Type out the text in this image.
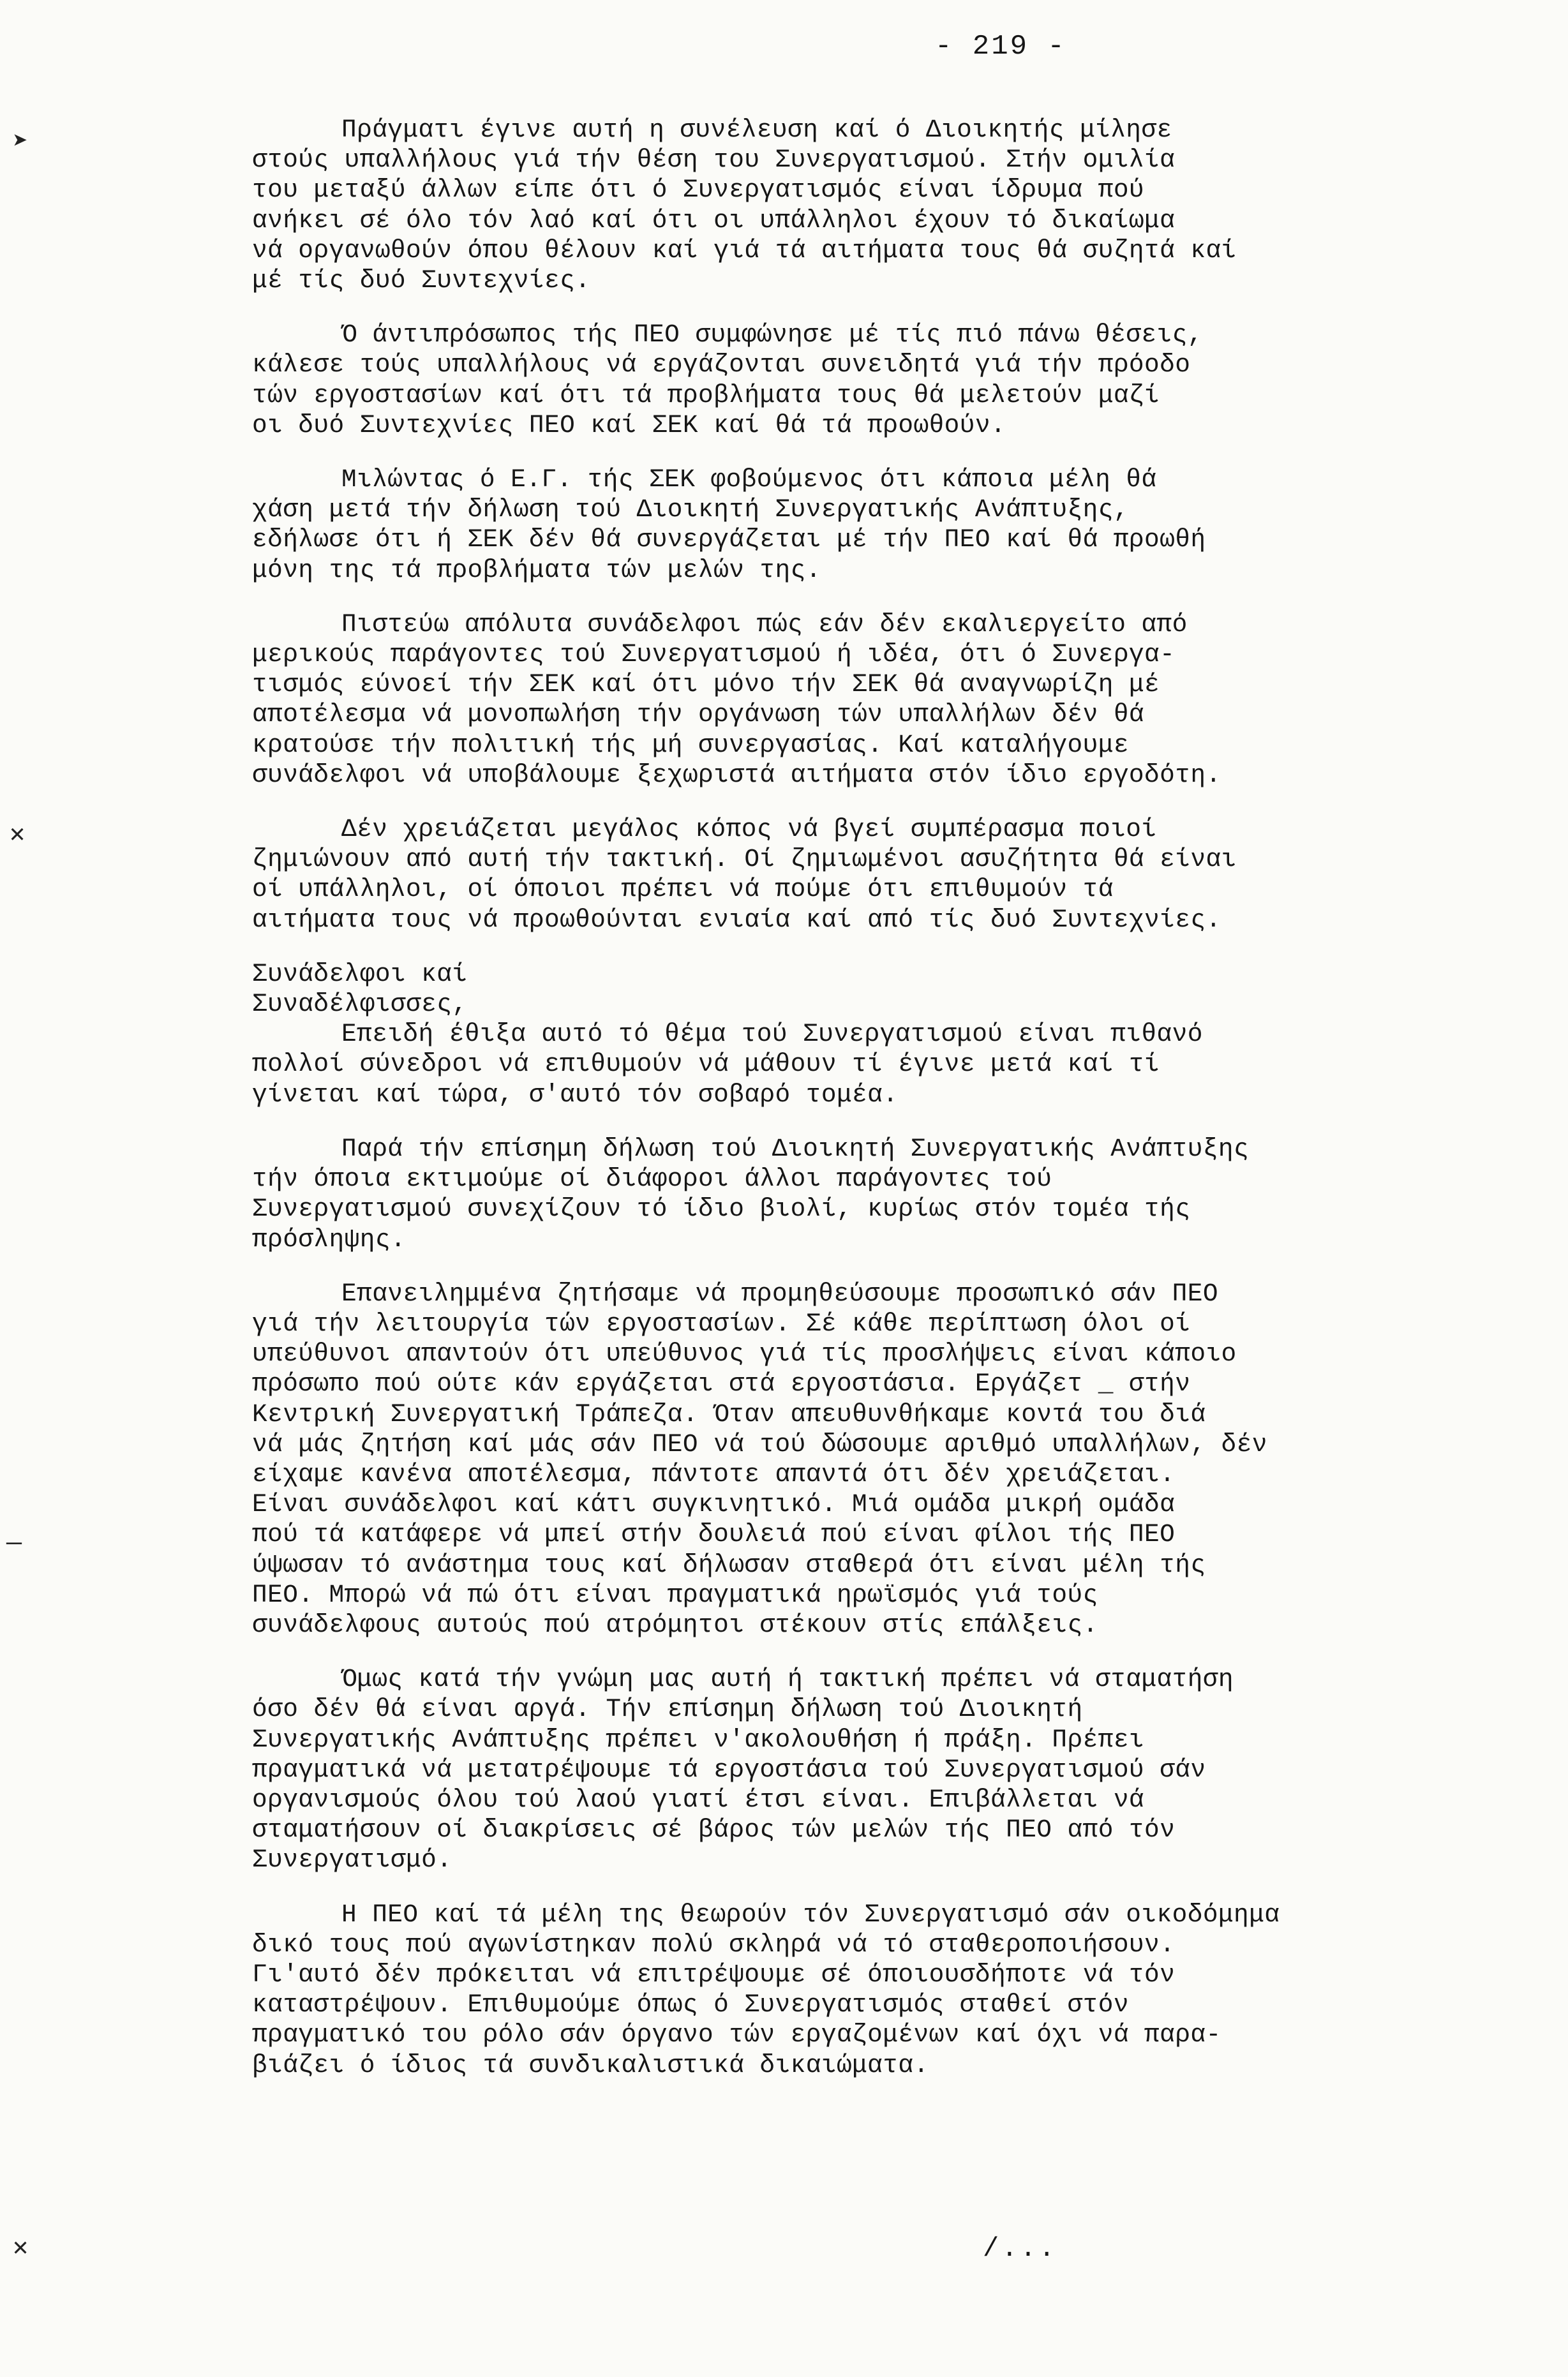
- 219 -

Πράγματι έγινε αυτή η συνέλευση καί ό Διοικητής μίλησε
στούς υπαλλήλους γιά τήν θέση του Συνεργατισμού. Στήν ομιλία
του μεταξύ άλλων είπε ότι ό Συνεργατισμός είναι ίδρυμα πού
ανήκει σέ όλο τόν λαό καί ότι οι υπάλληλοι έχουν τό δικαίωμα
νά οργανωθούν όπου θέλουν καί γιά τά αιτήματα τους θά συζητά καί
μέ τίς δυό Συντεχνίες.

Ό άντιπρόσωπος τής ΠΕΟ συμφώνησε μέ τίς πιό πάνω θέσεις,
κάλεσε τούς υπαλλήλους νά εργάζονται συνειδητά γιά τήν πρόοδο
τών εργοστασίων καί ότι τά προβλήματα τους θά μελετούν μαζί
οι δυό Συντεχνίες ΠΕΟ καί ΣΕΚ καί θά τά προωθούν.

Μιλώντας ό Ε.Γ. τής ΣΕΚ φοβούμενος ότι κάποια μέλη θά
χάση μετά τήν δήλωση τού Διοικητή Συνεργατικής Ανάπτυξης,
εδήλωσε ότι ή ΣΕΚ δέν θά συνεργάζεται μέ τήν ΠΕΟ καί θά προωθή
μόνη της τά προβλήματα τών μελών της.

Πιστεύω απόλυτα συνάδελφοι πώς εάν δέν εκαλιεργείτο από
μερικούς παράγοντες τού Συνεργατισμού ή ιδέα, ότι ό Συνεργα-
τισμός εύνοεί τήν ΣΕΚ καί ότι μόνο τήν ΣΕΚ θά αναγνωρίζη μέ
αποτέλεσμα νά μονοπωλήση τήν οργάνωση τών υπαλλήλων δέν θά
κρατούσε τήν πολιτική τής μή συνεργασίας. Καί καταλήγουμε
συνάδελφοι νά υποβάλουμε ξεχωριστά αιτήματα στόν ίδιο εργοδότη.

Δέν χρειάζεται μεγάλος κόπος νά βγεί συμπέρασμα ποιοί
ζημιώνουν από αυτή τήν τακτική. Οί ζημιωμένοι ασυζήτητα θά είναι
οί υπάλληλοι, οί όποιοι πρέπει νά πούμε ότι επιθυμούν τά
αιτήματα τους νά προωθούνται ενιαία καί από τίς δυό Συντεχνίες.

Συνάδελφοι καί
Συναδέλφισσες,

Επειδή έθιξα αυτό τό θέμα τού Συνεργατισμού είναι πιθανό
πολλοί σύνεδροι νά επιθυμούν νά μάθουν τί έγινε μετά καί τί
γίνεται καί τώρα, σ'αυτό τόν σοβαρό τομέα.

Παρά τήν επίσημη δήλωση τού Διοικητή Συνεργατικής Ανάπτυξης
τήν όποια εκτιμούμε οί διάφοροι άλλοι παράγοντες τού
Συνεργατισμού συνεχίζουν τό ίδιο βιολί, κυρίως στόν τομέα τής
πρόσληψης.

Επανειλημμένα ζητήσαμε νά προμηθεύσουμε προσωπικό σάν ΠΕΟ
γιά τήν λειτουργία τών εργοστασίων. Σέ κάθε περίπτωση όλοι οί
υπεύθυνοι απαντούν ότι υπεύθυνος γιά τίς προσλήψεις είναι κάποιο
πρόσωπο πού ούτε κάν εργάζεται στά εργοστάσια. Εργάζετ _ στήν
Κεντρική Συνεργατική Τράπεζα. Όταν απευθυνθήκαμε κοντά του διά
νά μάς ζητήση καί μάς σάν ΠΕΟ νά τού δώσουμε αριθμό υπαλλήλων, δέν
είχαμε κανένα αποτέλεσμα, πάντοτε απαντά ότι δέν χρειάζεται.
Είναι συνάδελφοι καί κάτι συγκινητικό. Μιά ομάδα μικρή ομάδα
πού τά κατάφερε νά μπεί στήν δουλειά πού είναι φίλοι τής ΠΕΟ
ύψωσαν τό ανάστημα τους καί δήλωσαν σταθερά ότι είναι μέλη τής
ΠΕΟ. Μπορώ νά πώ ότι είναι πραγματικά ηρωϊσμός γιά τούς
συνάδελφους αυτούς πού ατρόμητοι στέκουν στίς επάλξεις.

Όμως κατά τήν γνώμη μας αυτή ή τακτική πρέπει νά σταματήση
όσο δέν θά είναι αργά. Τήν επίσημη δήλωση τού Διοικητή
Συνεργατικής Ανάπτυξης πρέπει ν'ακολουθήση ή πράξη. Πρέπει
πραγματικά νά μετατρέψουμε τά εργοστάσια τού Συνεργατισμού σάν
οργανισμούς όλου τού λαού γιατί έτσι είναι. Επιβάλλεται νά
σταματήσουν οί διακρίσεις σέ βάρος τών μελών τής ΠΕΟ από τόν
Συνεργατισμό.

Η ΠΕΟ καί τά μέλη της θεωρούν τόν Συνεργατισμό σάν οικοδόμημα
δικό τους πού αγωνίστηκαν πολύ σκληρά νά τό σταθεροποιήσουν.
Γι'αυτό δέν πρόκειται νά επιτρέψουμε σέ όποιουσδήποτε νά τόν
καταστρέψουν. Επιθυμούμε όπως ό Συνεργατισμός σταθεί στόν
πραγματικό του ρόλο σάν όργανο τών εργαζομένων καί όχι νά παρα-
βιάζει ό ίδιος τά συνδικαλιστικά δικαιώματα.

/...
➤
✕
—
✕
